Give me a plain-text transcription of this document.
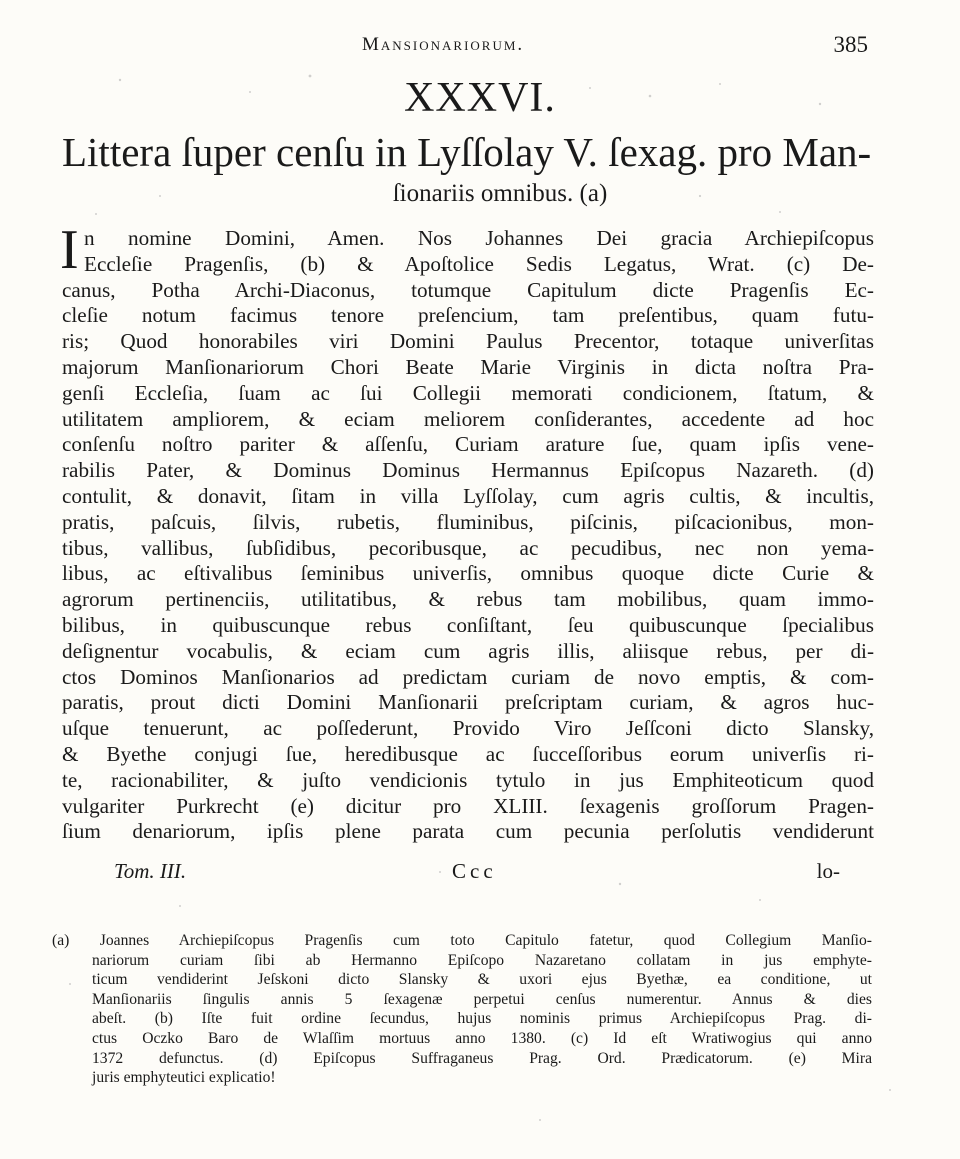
Mansionariorum.	385
XXXVI.
Littera ſuper cenſu in Lyſſolay V. ſexag. pro Man-
ſionariis omnibus. (a)
I n nomine Domini, Amen. Nos Johannes Dei gracia Archiepiſcopus
Eccleſie Pragenſis, (b) & Apoſtolice Sedis Legatus, Wrat. (c) De-
canus, Potha Archi-Diaconus, totumque Capitulum dicte Pragenſis Ec-
cleſie notum facimus tenore preſencium, tam preſentibus, quam futu-
ris; Quod honorabiles viri Domini Paulus Precentor, totaque univerſitas
majorum Manſionariorum Chori Beate Marie Virginis in dicta noſtra Pra-
genſi Eccleſia, ſuam ac ſui Collegii memorati condicionem, ſtatum, &
utilitatem ampliorem, & eciam meliorem conſiderantes, accedente ad hoc
conſenſu noſtro pariter & aſſenſu, Curiam arature ſue, quam ipſis vene-
rabilis Pater, & Dominus Dominus Hermannus Epiſcopus Nazareth. (d)
contulit, & donavit, ſitam in villa Lyſſolay, cum agris cultis, & incultis,
pratis, paſcuis, ſilvis, rubetis, fluminibus, piſcinis, piſcacionibus, mon-
tibus, vallibus, ſubſidibus, pecoribusque, ac pecudibus, nec non yema-
libus, ac eſtivalibus ſeminibus univerſis, omnibus quoque dicte Curie &
agrorum pertinenciis, utilitatibus, & rebus tam mobilibus, quam immo-
bilibus, in quibuscunque rebus conſiſtant, ſeu quibuscunque ſpecialibus
deſignentur vocabulis, & eciam cum agris illis, aliisque rebus, per di-
ctos Dominos Manſionarios ad predictam curiam de novo emptis, & com-
paratis, prout dicti Domini Manſionarii preſcriptam curiam, & agros huc-
uſque tenuerunt, ac poſſederunt, Provido Viro Jeſſconi dicto Slansky,
& Byethe conjugi ſue, heredibusque ac ſucceſſoribus eorum univerſis ri-
te, racionabiliter, & juſto vendicionis tytulo in jus Emphiteoticum quod
vulgariter Purkrecht (e) dicitur pro XLIII. ſexagenis groſſorum Pragen-
ſium denariorum, ipſis plene parata cum pecunia perſolutis vendiderunt
Tom. III.	Ccc	lo-
(a) Joannes Archiepiſcopus Pragenſis cum toto Capitulo fatetur, quod Collegium Manſio-
nariorum curiam ſibi ab Hermanno Epiſcopo Nazaretano collatam in jus emphyte-
ticum vendiderint Jeſskoni dicto Slansky & uxori ejus Byethæ, ea conditione, ut
Manſionariis ſingulis annis 5 ſexagenæ perpetui cenſus numerentur. Annus & dies
abeſt. (b) Iſte fuit ordine ſecundus, hujus nominis primus Archiepiſcopus Prag. di-
ctus Oczko Baro de Wlaſſim mortuus anno 1380. (c) Id eſt Wratiwogius qui anno
1372 defunctus. (d) Epiſcopus Suffraganeus Prag. Ord. Prædicatorum. (e) Mira
juris emphyteutici explicatio!
